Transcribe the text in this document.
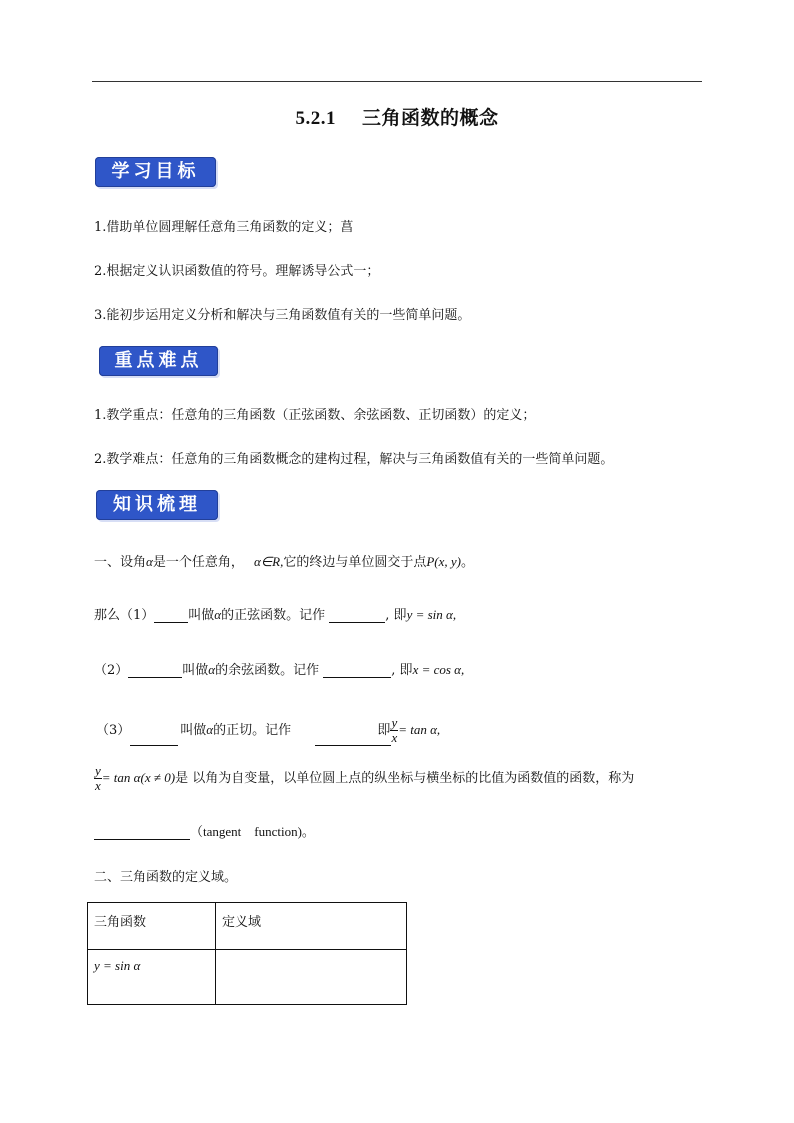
5.2.1 三角函数的概念
学习目标
1.借助单位圆理解任意角三角函数的定义；菖
2.根据定义认识函数值的符号。理解诱导公式一；
3.能初步运用定义分析和解决与三角函数值有关的一些简单问题。
重点难点
1.教学重点：任意角的三角函数（正弦函数、余弦函数、正切函数）的定义；
2.教学难点：任意角的三角函数概念的建构过程，解决与三角函数值有关的一些简单问题。
知识梳理
一、设角α是一个任意角， α∈R,它的终边与单位圆交于点P(x, y)。
那么（1）	叫做α的正弦函数。记作	, 即y = sin α,
（2）	叫做α的余弦函数。记作	, 即x = cos α,
（3）	叫做α的正切。记作	即 $\frac{y}{x} = \tan \alpha$,
$\frac{y}{x} = \tan \alpha(x \ne 0)$是 以角为自变量，以单位圆上点的纵坐标与横坐标的比值为函数值的函数，称为
（tangent　function)。
二、三角函数的定义域。
三角函数	定义域
y = sin α	
